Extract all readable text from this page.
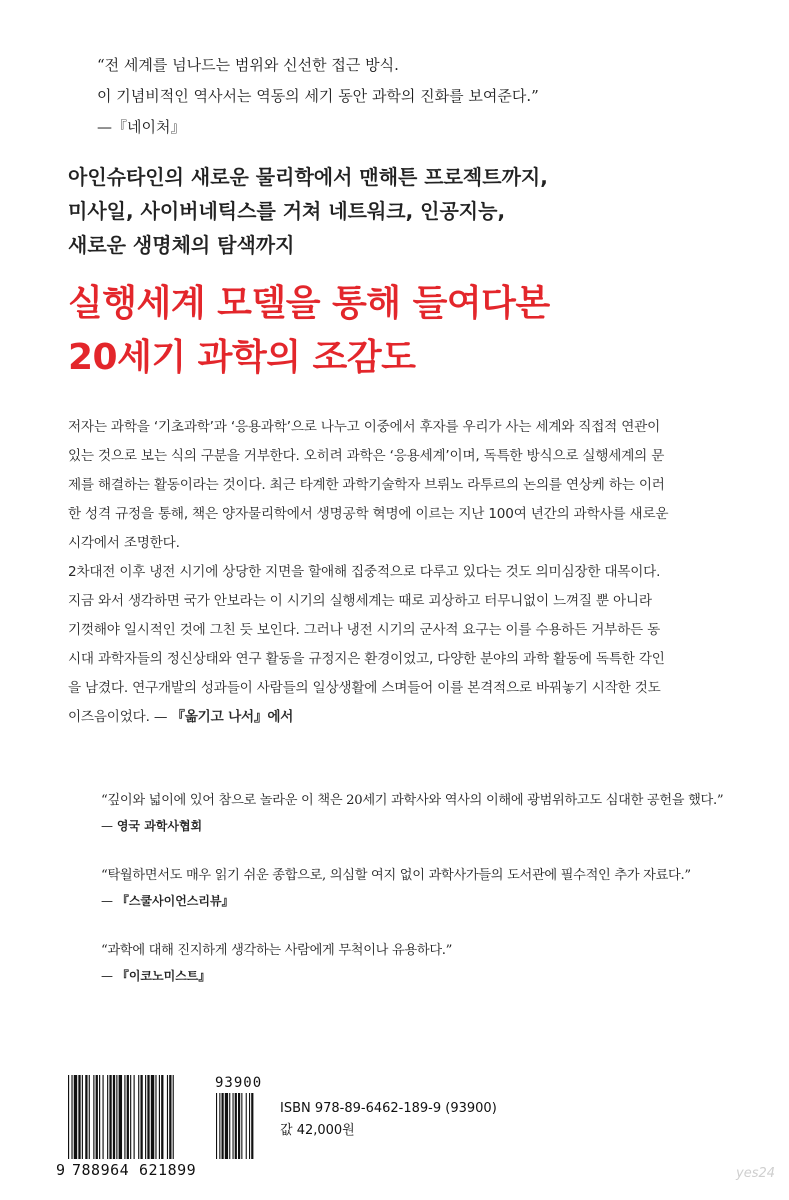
“전 세계를 넘나드는 범위와 신선한 접근 방식.
이 기념비적인 역사서는 역동의 세기 동안 과학의 진화를 보여준다.”
—『네이처』
아인슈타인의 새로운 물리학에서 맨해튼 프로젝트까지,
미사일, 사이버네틱스를 거쳐 네트워크, 인공지능,
새로운 생명체의 탐색까지
실행세계 모델을 통해 들여다본
20세기 과학의 조감도
저자는 과학을 ‘기초과학’과 ‘응용과학’으로 나누고 이중에서 후자를 우리가 사는 세계와 직접적 연관이
있는 것으로 보는 식의 구분을 거부한다. 오히려 과학은 ‘응용세계’이며, 독특한 방식으로 실행세계의 문
제를 해결하는 활동이라는 것이다. 최근 타계한 과학기술학자 브뤼노 라투르의 논의를 연상케 하는 이러
한 성격 규정을 통해, 책은 양자물리학에서 생명공학 혁명에 이르는 지난 100여 년간의 과학사를 새로운
시각에서 조명한다.
2차대전 이후 냉전 시기에 상당한 지면을 할애해 집중적으로 다루고 있다는 것도 의미심장한 대목이다.
지금 와서 생각하면 국가 안보라는 이 시기의 실행세계는 때로 괴상하고 터무니없이 느껴질 뿐 아니라
기껏해야 일시적인 것에 그친 듯 보인다. 그러나 냉전 시기의 군사적 요구는 이를 수용하든 거부하든 동
시대 과학자들의 정신상태와 연구 활동을 규정지은 환경이었고, 다양한 분야의 과학 활동에 독특한 각인
을 남겼다. 연구개발의 성과들이 사람들의 일상생활에 스며들어 이를 본격적으로 바꿔놓기 시작한 것도
이즈음이었다. — 『옮기고 나서』에서
“깊이와 넓이에 있어 참으로 놀라운 이 책은 20세기 과학사와 역사의 이해에 광범위하고도 심대한 공헌을 했다.”
— 영국 과학사협회
“탁월하면서도 매우 읽기 쉬운 종합으로, 의심할 여지 없이 과학사가들의 도서관에 필수적인 추가 자료다.”
— 『스쿨사이언스리뷰』
“과학에 대해 진지하게 생각하는 사람에게 무척이나 유용하다.”
— 『이코노미스트』
9 788964 621899
93900
ISBN 978-89-6462-189-9 (93900)
값 42,000원
yes24
